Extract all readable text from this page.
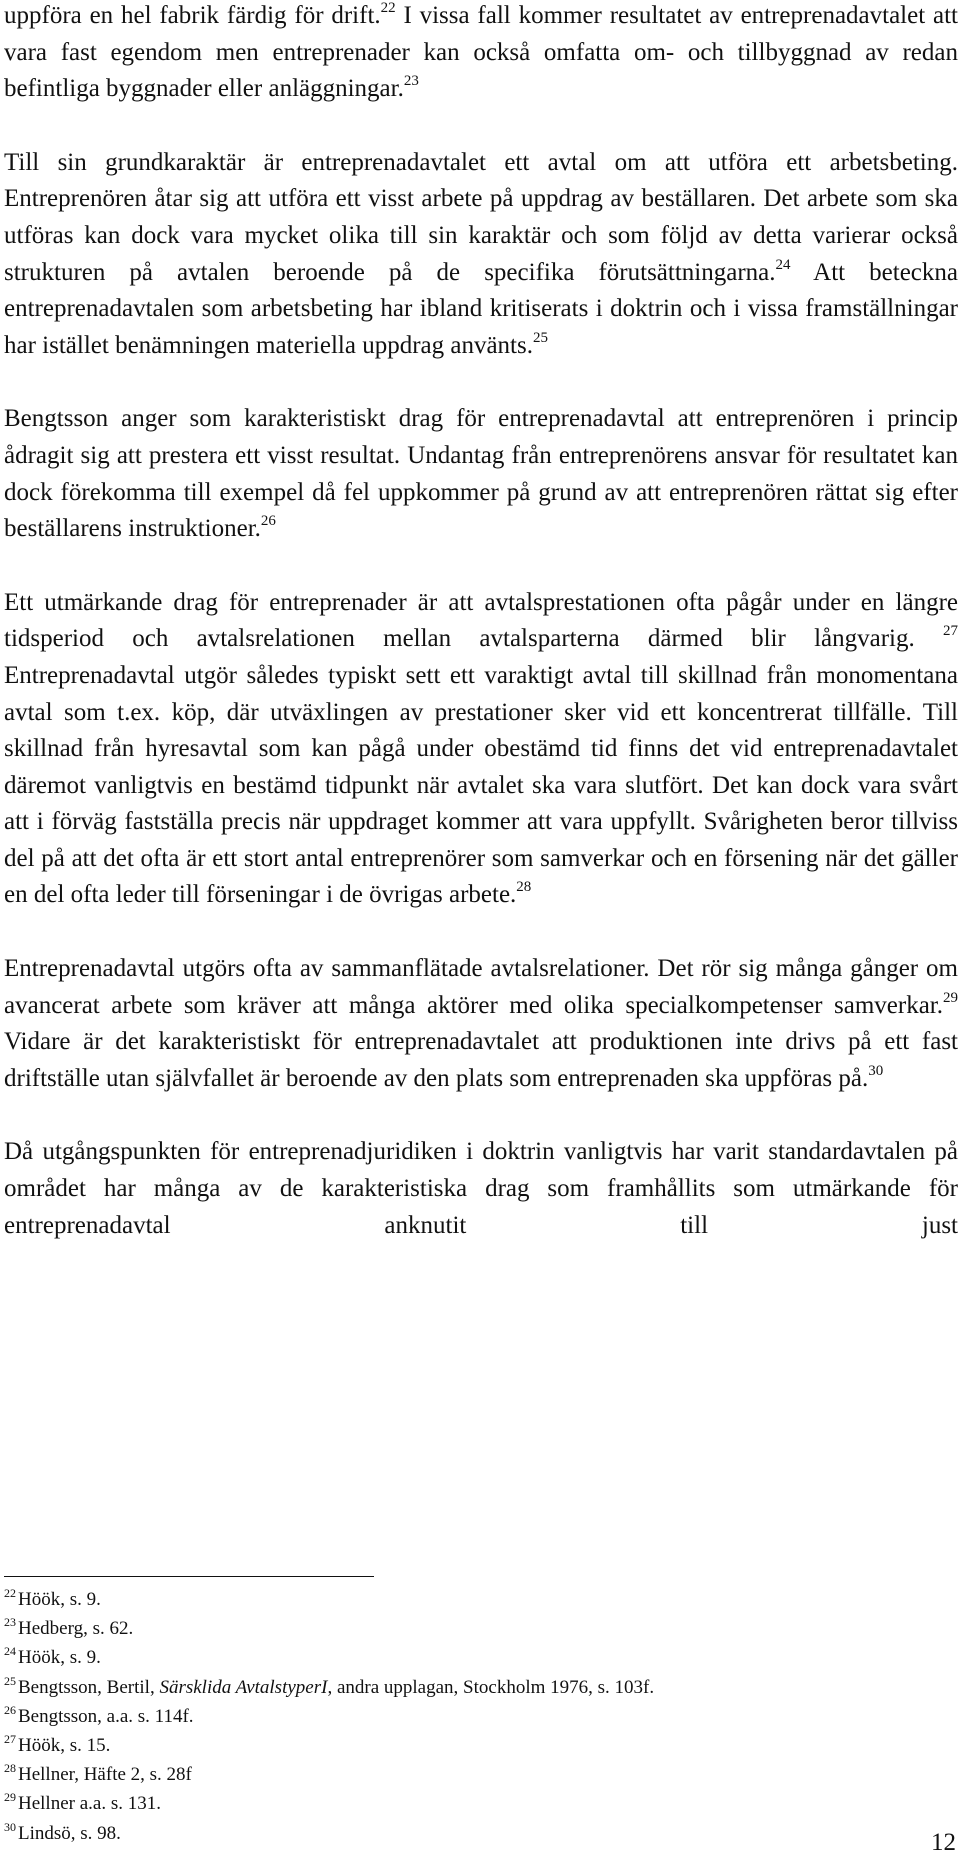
uppföra en hel fabrik färdig för drift.$^{22}$ I vissa fall kommer resultatet av entreprenadavtalet att vara fast egendom men entreprenader kan också omfatta om- och tillbyggnad av redan befintliga byggnader eller anläggningar.$^{23}$

Till sin grundkaraktär är entreprenadavtalet ett avtal om att utföra ett arbetsbeting. Entreprenören åtar sig att utföra ett visst arbete på uppdrag av beställaren. Det arbete som ska utföras kan dock vara mycket olika till sin karaktär och som följd av detta varierar också strukturen på avtalen beroende på de specifika förutsättningarna.$^{24}$ Att beteckna entreprenadavtalen som arbetsbeting har ibland kritiserats i doktrin och i vissa framställningar har istället benämningen materiella uppdrag använts.$^{25}$

Bengtsson anger som karakteristiskt drag för entreprenadavtal att entreprenören i princip ådragit sig att prestera ett visst resultat. Undantag från entreprenörens ansvar för resultatet kan dock förekomma till exempel då fel uppkommer på grund av att entreprenören rättat sig efter beställarens instruktioner.$^{26}$

Ett utmärkande drag för entreprenader är att avtalsprestationen ofta pågår under en längre tidsperiod och avtalsrelationen mellan avtalsparterna därmed blir långvarig. $^{27}$ Entreprenadavtal utgör således typiskt sett ett varaktigt avtal till skillnad från monomentana avtal som t.ex. köp, där utväxlingen av prestationer sker vid ett koncentrerat tillfälle. Till skillnad från hyresavtal som kan pågå under obestämd tid finns det vid entreprenadavtalet däremot vanligtvis en bestämd tidpunkt när avtalet ska vara slutfört. Det kan dock vara svårt att i förväg fastställa precis när uppdraget kommer att vara uppfyllt. Svårigheten beror tillviss del på att det ofta är ett stort antal entreprenörer som samverkar och en försening när det gäller en del ofta leder till förseningar i de övrigas arbete.$^{28}$

Entreprenadavtal utgörs ofta av sammanflätade avtalsrelationer. Det rör sig många gånger om avancerat arbete som kräver att många aktörer med olika specialkompetenser samverkar.$^{29}$ Vidare är det karakteristiskt för entreprenadavtalet att produktionen inte drivs på ett fast driftställe utan självfallet är beroende av den plats som entreprenaden ska uppföras på.$^{30}$

Då utgångspunkten för entreprenadjuridiken i doktrin vanligtvis har varit standardavtalen på området har många av de karakteristiska drag som framhållits som utmärkande för entreprenadavtal anknutit till just

$^{22}$ Höök, s. 9.
$^{23}$ Hedberg, s. 62.
$^{24}$ Höök, s. 9.
$^{25}$ Bengtsson, Bertil, Särsklida AvtalstyperI, andra upplagan, Stockholm 1976, s. 103f.
$^{26}$ Bengtsson, a.a. s. 114f.
$^{27}$ Höök, s. 15.
$^{28}$ Hellner, Häfte 2, s. 28f
$^{29}$ Hellner a.a. s. 131.
$^{30}$ Lindsö, s. 98.	12
